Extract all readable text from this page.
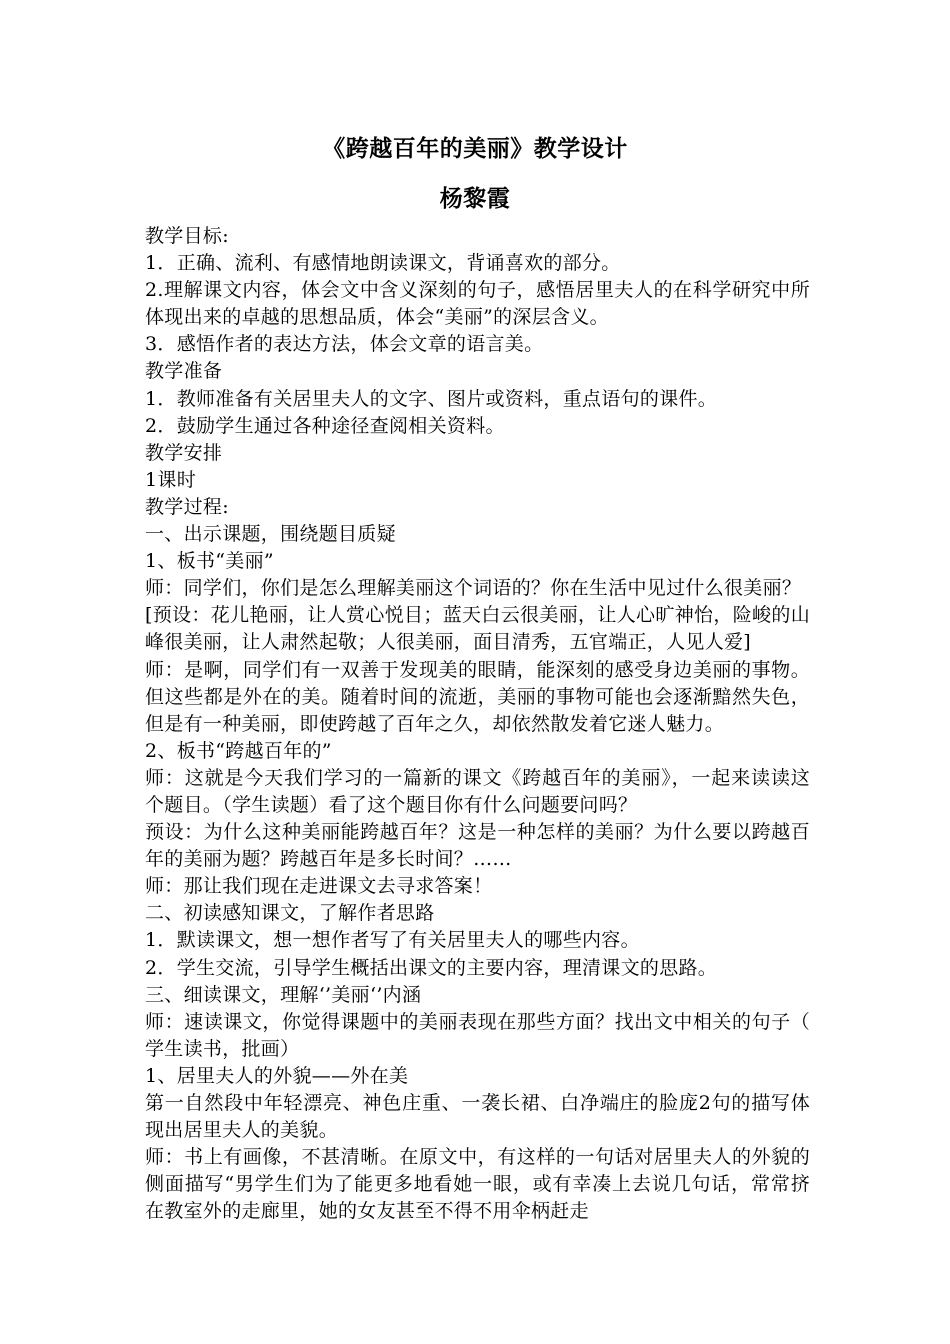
《跨越百年的美丽》教学设计
杨黎霞

教学目标:

1．正确、流利、有感情地朗读课文，背诵喜欢的部分。

2.理解课文内容，体会文中含义深刻的句子，感悟居里夫人的在科学研究中所体现出来的卓越的思想品质，体会“美丽”的深层含义。

3．感悟作者的表达方法，体会文章的语言美。

教学准备

1．教师准备有关居里夫人的文字、图片或资料，重点语句的课件。

2．鼓励学生通过各种途径查阅相关资料。

教学安排

1课时

教学过程:

一、出示课题，围绕题目质疑

1、板书“美丽”

师：同学们，你们是怎么理解美丽这个词语的？你在生活中见过什么很美丽？

[预设：花儿艳丽，让人赏心悦目；蓝天白云很美丽，让人心旷神怡，险峻的山峰很美丽，让人肃然起敬；人很美丽，面目清秀，五官端正，人见人爱]

师：是啊，同学们有一双善于发现美的眼睛，能深刻的感受身边美丽的事物。但这些都是外在的美。随着时间的流逝，美丽的事物可能也会逐渐黯然失色，但是有一种美丽，即使跨越了百年之久，却依然散发着它迷人魅力。

2、板书“跨越百年的”

师：这就是今天我们学习的一篇新的课文《跨越百年的美丽》，一起来读读这个题目。（学生读题）看了这个题目你有什么问题要问吗？

预设：为什么这种美丽能跨越百年？这是一种怎样的美丽？为什么要以跨越百年的美丽为题？跨越百年是多长时间？……

师：那让我们现在走进课文去寻求答案！

二、初读感知课文，了解作者思路

1．默读课文，想一想作者写了有关居里夫人的哪些内容。

2．学生交流，引导学生概括出课文的主要内容，理清课文的思路。

三、细读课文，理解‘’美丽‘’内涵

师：速读课文，你觉得课题中的美丽表现在那些方面？找出文中相关的句子（学生读书，批画）

1、居里夫人的外貌——外在美

第一自然段中年轻漂亮、神色庄重、一袭长裙、白净端庄的脸庞2句的描写体现出居里夫人的美貌。

师：书上有画像，不甚清晰。在原文中，有这样的一句话对居里夫人的外貌的侧面描写“男学生们为了能更多地看她一眼，或有幸凑上去说几句话，常常挤在教室外的走廊里，她的女友甚至不得不用伞柄赶走
